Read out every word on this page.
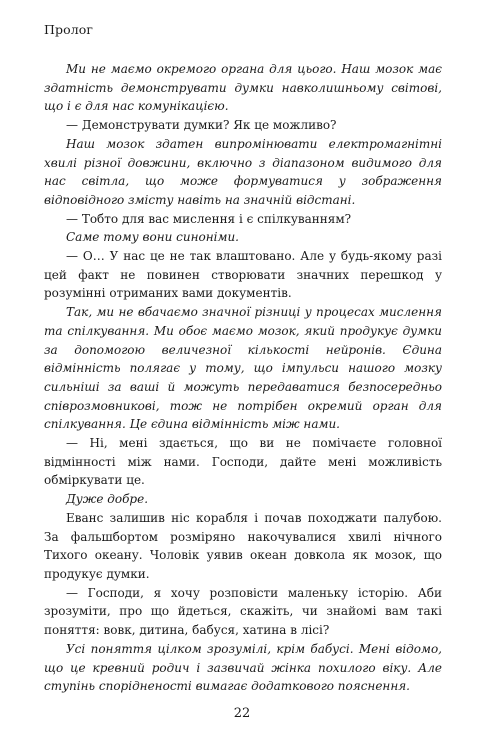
Пролог

Ми не маємо окремого органа для цього. Наш мозок має здатність демонструвати думки навколишньому світові, що і є для нас комунікацією.

— Демонструвати думки? Як це можливо?

Наш мозок здатен випромінювати електромагнітні хвилі різної довжини, включно з діапазоном видимого для нас світла, що може формуватися у зображення відповідного змісту навіть на значній відстані.

— Тобто для вас мислення і є спілкуванням?

Саме тому вони синоніми.

— О… У нас це не так влаштовано. Але у будь-якому разі цей факт не повинен створювати значних перешкод у розумінні отриманих вами документів.

Так, ми не вбачаємо значної різниці у процесах мислення та спілкування. Ми обоє маємо мозок, який продукує думки за допомогою величезної кількості нейронів. Єдина відмінність полягає у тому, що імпульси нашого мозку сильніші за ваші й можуть передаватися безпосередньо співрозмовникові, тож не потрібен окремий орган для спілкування. Це єдина відмінність між нами.

— Ні, мені здається, що ви не помічаєте головної відмінності між нами. Господи, дайте мені можливість обміркувати це.

Дуже добре.

Еванс залишив ніс корабля і почав походжати палубою. За фальшбортом розміряно накочувалися хвилі нічного Тихого океану. Чоловік уявив океан довкола як мозок, що продукує думки.

— Господи, я хочу розповісти маленьку історію. Аби зрозуміти, про що йдеться, скажіть, чи знайомі вам такі поняття: вовк, дитина, бабуся, хатина в лісі?

Усі поняття цілком зрозумілі, крім бабусі. Мені відомо, що це кревний родич і зазвичай жінка похилого віку. Але ступінь спорідненості вимагає додаткового пояснення.

22
